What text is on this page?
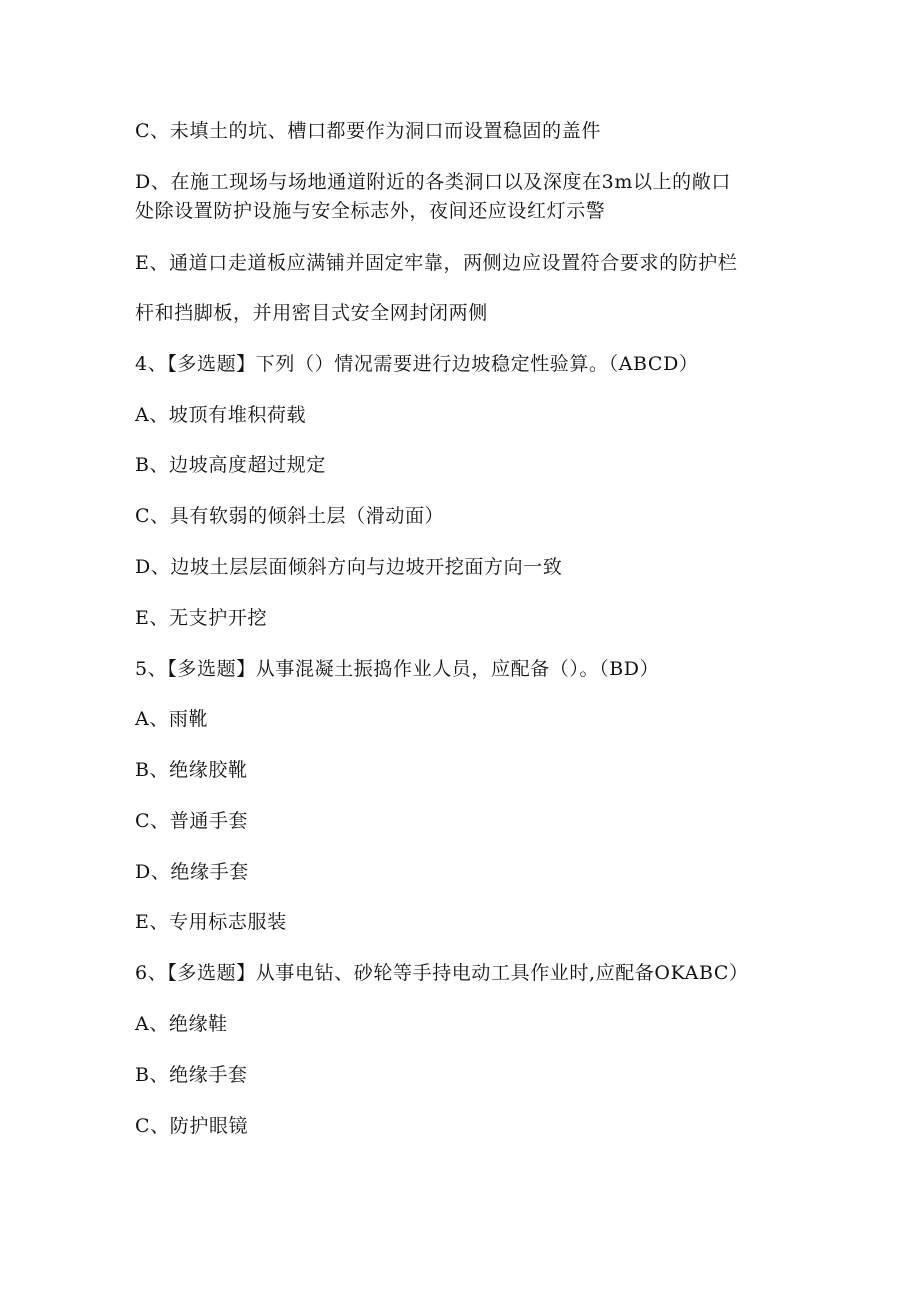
C、未填土的坑、槽口都要作为洞口而设置稳固的盖件
D、在施工现场与场地通道附近的各类洞口以及深度在3m以上的敞口
处除设置防护设施与安全标志外，夜间还应设红灯示警
E、通道口走道板应满铺并固定牢靠，两侧边应设置符合要求的防护栏
杆和挡脚板，并用密目式安全网封闭两侧
4、【多选题】下列（）情况需要进行边坡稳定性验算。（ABCD）
A、坡顶有堆积荷载
B、边坡高度超过规定
C、具有软弱的倾斜土层（滑动面）
D、边坡土层层面倾斜方向与边坡开挖面方向一致
E、无支护开挖
5、【多选题】从事混凝土振捣作业人员，应配备（）。（BD）
A、雨靴
B、绝缘胶靴
C、普通手套
D、绝缘手套
E、专用标志服装
6、【多选题】从事电钻、砂轮等手持电动工具作业时,应配备OKABC）
A、绝缘鞋
B、绝缘手套
C、防护眼镜
